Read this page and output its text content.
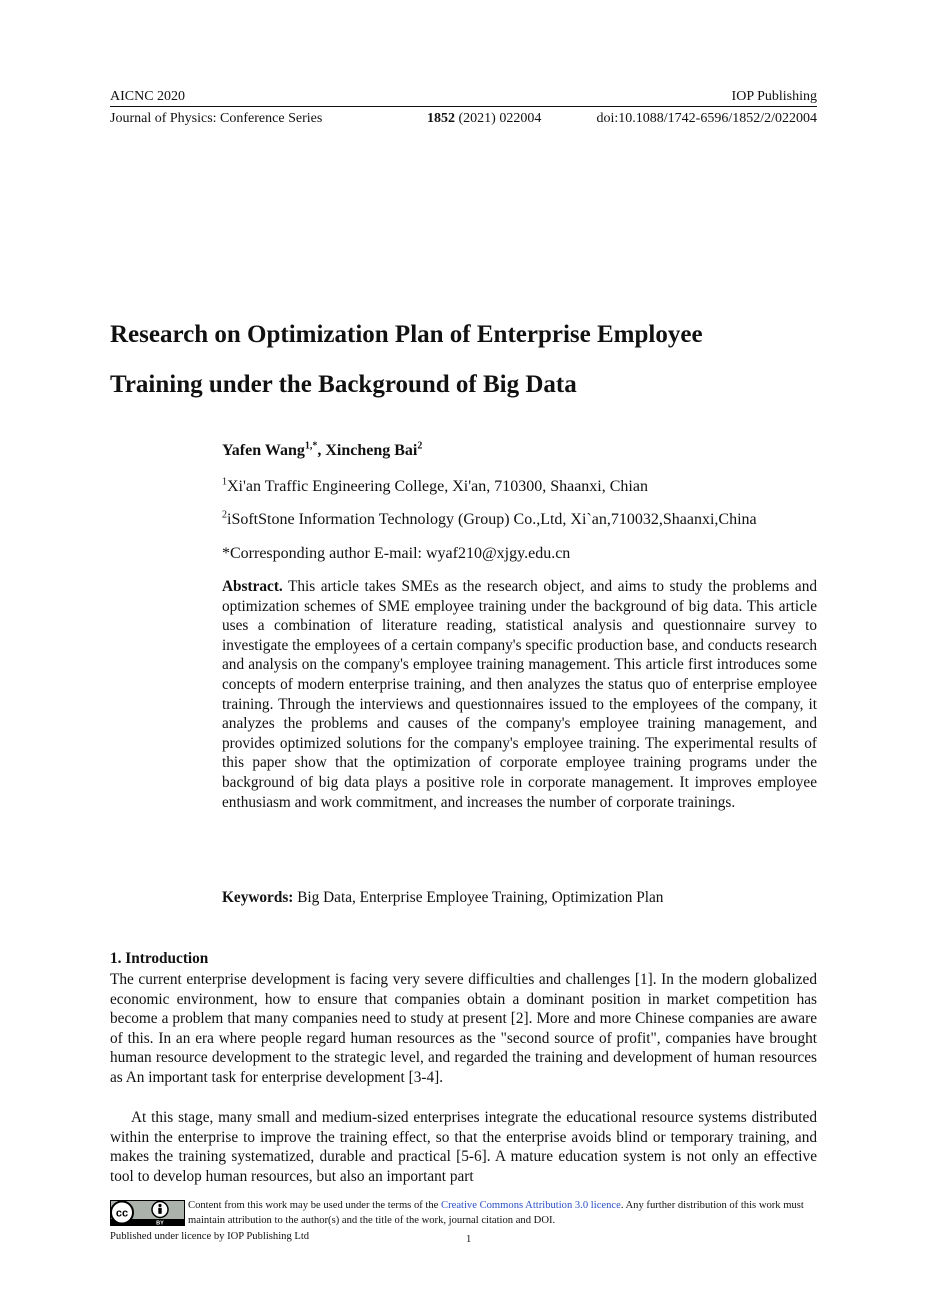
AICNC 2020	IOP Publishing
Journal of Physics: Conference Series	1852 (2021) 022004	doi:10.1088/1742-6596/1852/2/022004
Research on Optimization Plan of Enterprise Employee
Training under the Background of Big Data
Yafen Wang$^{1,*}$, Xincheng Bai$^2$
$^1$Xi'an Traffic Engineering College, Xi'an, 710300, Shaanxi, Chian
$^2$iSoftStone Information Technology (Group) Co.,Ltd, Xi`an,710032,Shaanxi,China
*Corresponding author E-mail: wyaf210@xjgy.edu.cn
Abstract. This article takes SMEs as the research object, and aims to study the problems and optimization schemes of SME employee training under the background of big data. This article uses a combination of literature reading, statistical analysis and questionnaire survey to investigate the employees of a certain company's specific production base, and conducts research and analysis on the company's employee training management. This article first introduces some concepts of modern enterprise training, and then analyzes the status quo of enterprise employee training. Through the interviews and questionnaires issued to the employees of the company, it analyzes the problems and causes of the company's employee training management, and provides optimized solutions for the company's employee training. The experimental results of this paper show that the optimization of corporate employee training programs under the background of big data plays a positive role in corporate management. It improves employee enthusiasm and work commitment, and increases the number of corporate trainings.
Keywords: Big Data, Enterprise Employee Training, Optimization Plan
1. Introduction
The current enterprise development is facing very severe difficulties and challenges [1]. In the modern globalized economic environment, how to ensure that companies obtain a dominant position in market competition has become a problem that many companies need to study at present [2]. More and more Chinese companies are aware of this. In an era where people regard human resources as the "second source of profit", companies have brought human resource development to the strategic level, and regarded the training and development of human resources as An important task for enterprise development [3-4].
At this stage, many small and medium-sized enterprises integrate the educational resource systems distributed within the enterprise to improve the training effect, so that the enterprise avoids blind or temporary training, and makes the training systematized, durable and practical [5-6]. A mature education system is not only an effective tool to develop human resources, but also an important part
cc
BY
Content from this work may be used under the terms of the Creative Commons Attribution 3.0 licence. Any further distribution of this work must maintain attribution to the author(s) and the title of the work, journal citation and DOI.
Published under licence by IOP Publishing Ltd	1
